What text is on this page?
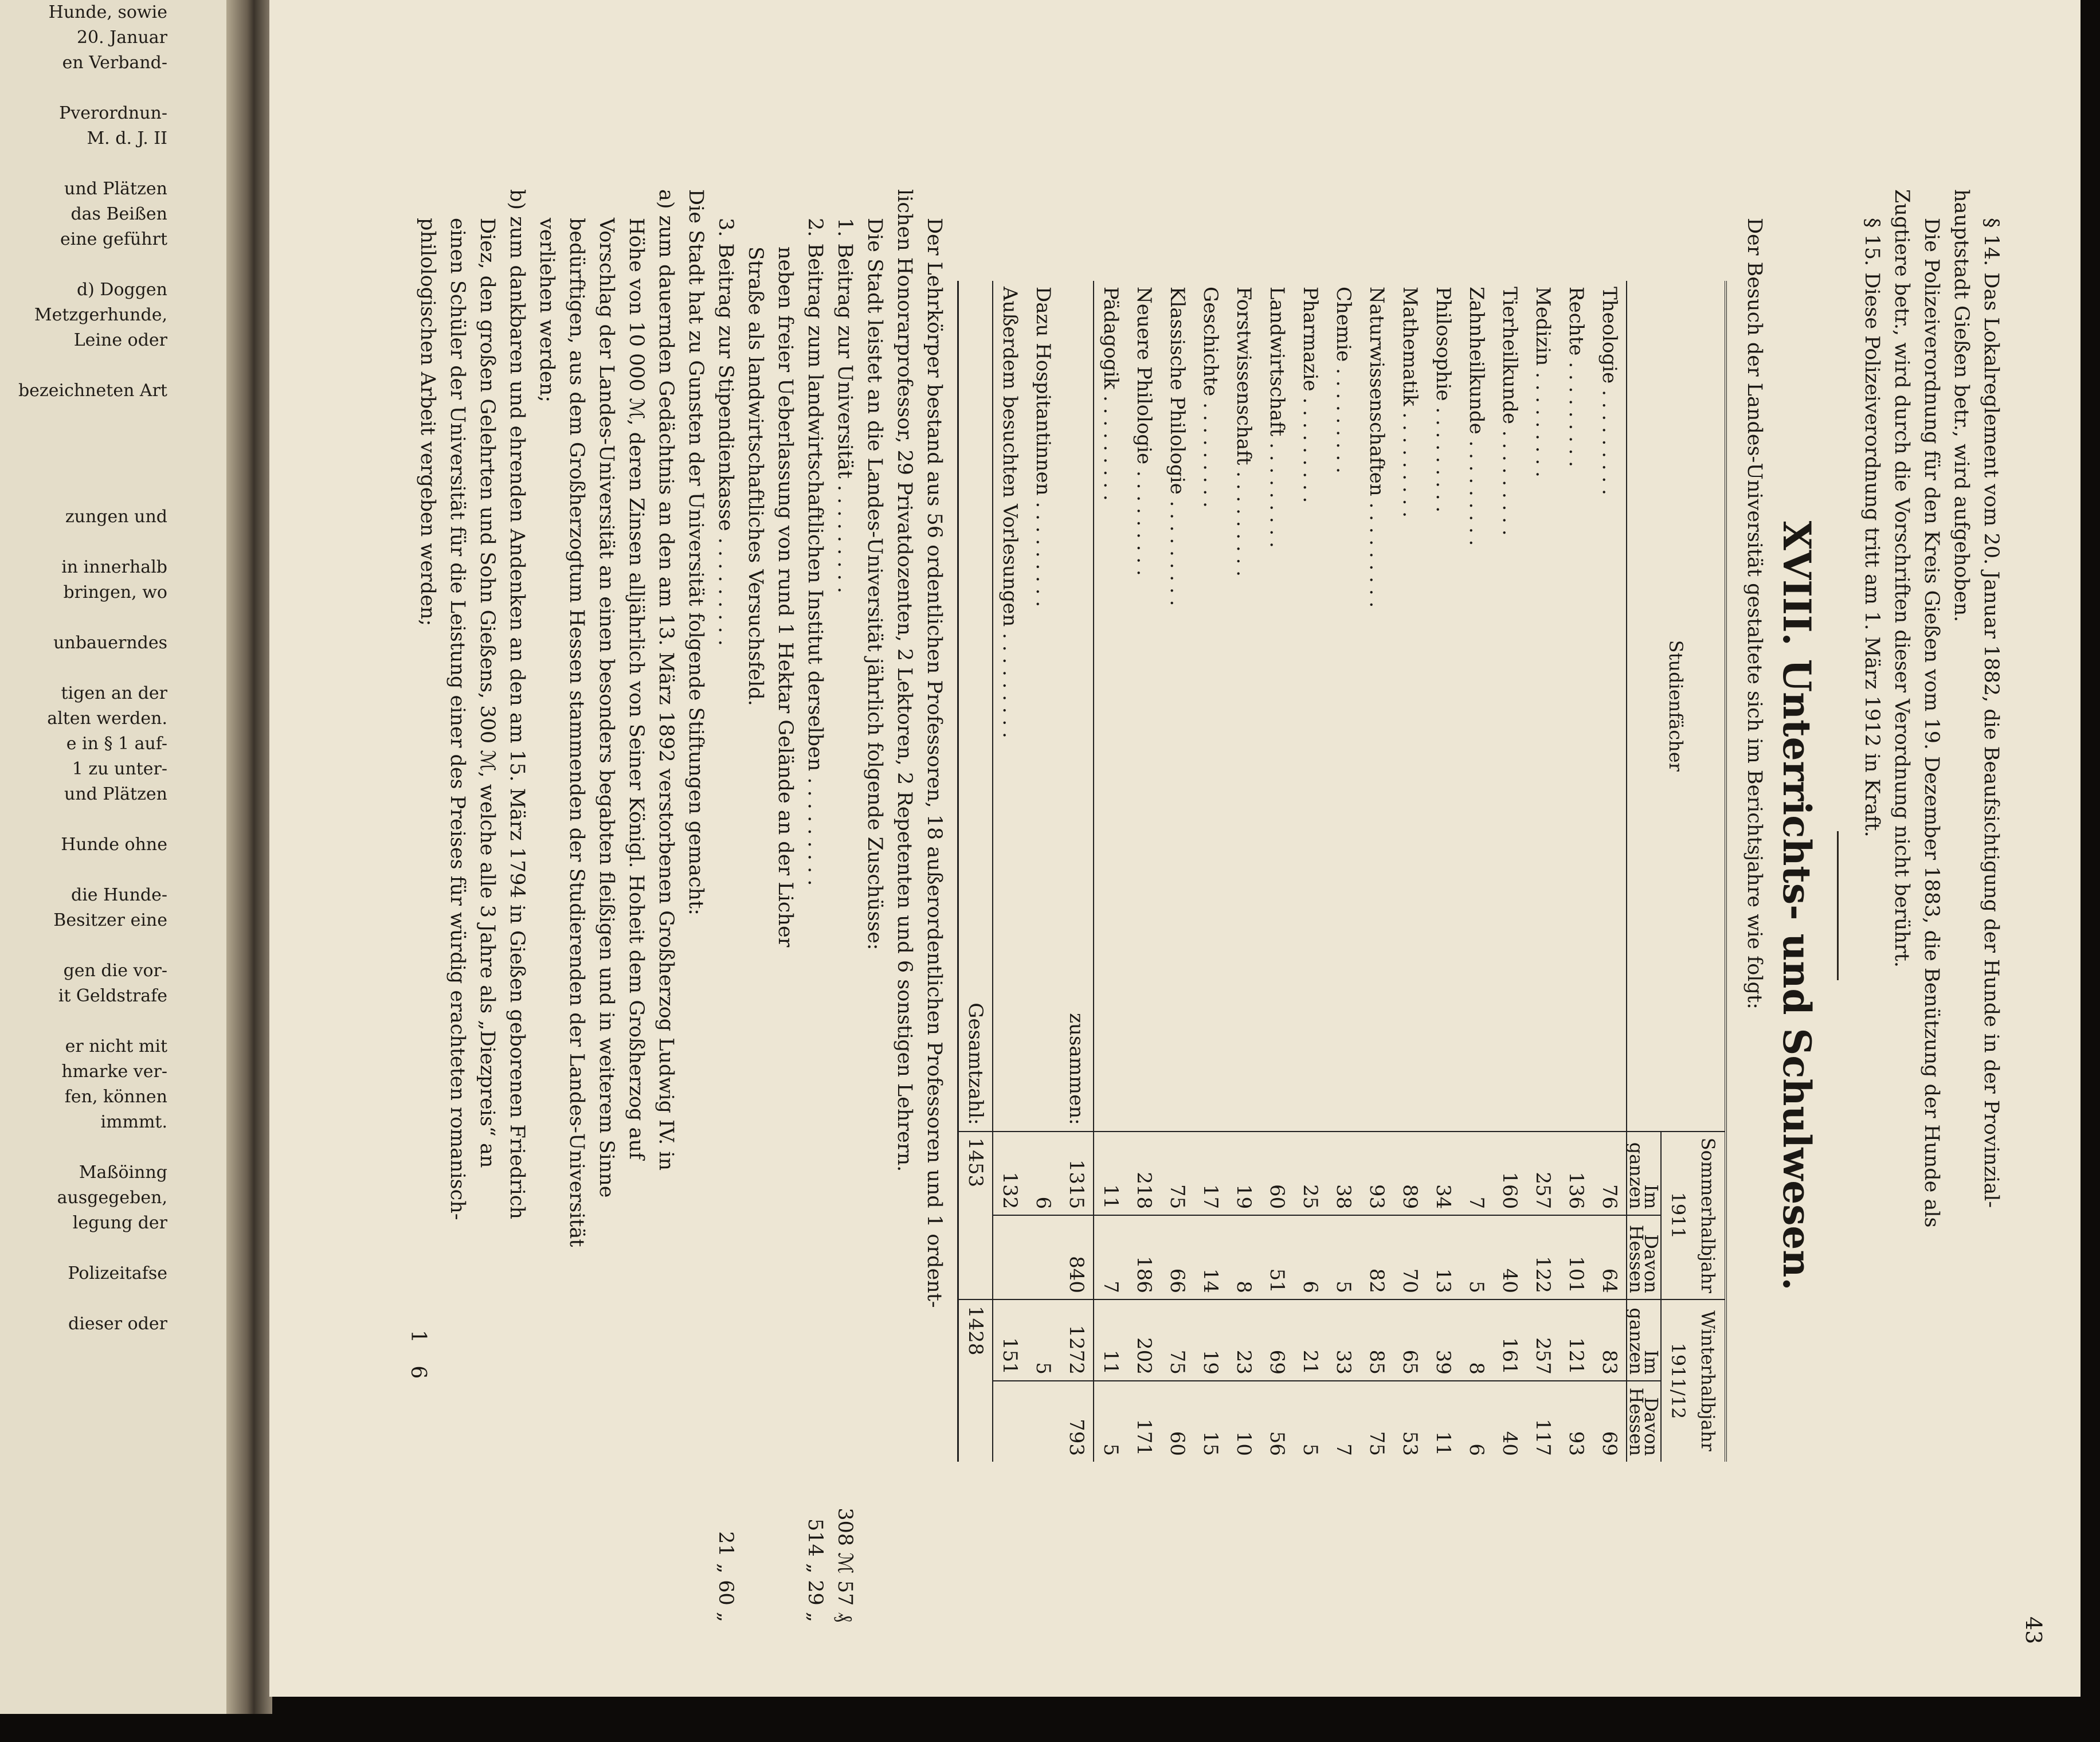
Hunde, sowie
20. Januar
en Verband-
Pverordnun-
M. d. J. II
und Plätzen
das Beißen
eine geführt
d) Doggen
Metzgerhunde,
Leine oder
bezeichneten Art
zungen und
in innerhalb
bringen, wo
unbauerndes
tigen an der
alten werden.
e in § 1 auf-
1 zu unter-
und Plätzen
Hunde ohne
die Hunde-
Besitzer eine
gen die vor-
it Geldstrafe
er nicht mit
hmarke ver-
fen, können
immmt.
Maßöinng
ausgegeben,
legung der
Polizeitafse
dieser oder
43

§ 14. Das Lokalreglement vom 20. Januar 1882, die Beaufsichtigung der Hunde in der Provinzial-

hauptstadt Gießen betr., wird aufgehoben.

Die Polizeiverordnung für den Kreis Gießen vom 19. Dezember 1883, die Benützung der Hunde als

Zugtiere betr., wird durch die Vorschriften dieser Verordnung nicht berührt.

§ 15. Diese Polizeiverordnung tritt am 1. März 1912 in Kraft.

XVIII. Unterrichts- und Schulwesen.

Der Besuch der Landes-Universität gestaltete sich im Berichtsjahre wie folgt:

Studienfächer	Sommerhalbjahr 1911		Winterhalbjahr 1911/12	
	Im ganzen	Davon Hessen	Im ganzen	Davon Hessen
Theologie . . .	76	64	83	69
Rechte . . .	136	101	121	93
Medizin . . .	257	122	257	117
Tierheilkunde . . .	160	40	161	40
Zahnheilkunde . . .	7	5	8	6
Philosophie . . .	34	13	39	11
Mathematik . . .	89	70	65	53
Naturwissenschaften . . .	93	82	85	75
Chemie . . .	38	5	33	7
Pharmazie . . .	25	6	21	5
Landwirtschaft . . .	60	51	69	56
Forstwissenschaft . . .	19	8	23	10
Geschichte . . .	17	14	19	15
Klassische Philologie . . .	75	66	75	60
Neuere Philologie . . .	218	186	202	171
Pädagogik . . .	11	7	11	5
zusammen:	1315	840	1272	793
Dazu Hospitantinnen . . .	6		5	
Außerdem besuchten Vorlesungen . . .	132		151	
Gesamtzahl:	1453		1428	

Der Lehrkörper bestand aus 56 ordentlichen Professoren, 18 außerordentlichen Professoren und 1 ordent-

lichen Honorarprofessor, 29 Privatdozenten, 2 Lektoren, 2 Repetenten und 6 sonstigen Lehrern.

Die Stadt leistet an die Landes-Universität jährlich folgende Zuschüsse:

1. Beitrag zur Universität . . .
308 ℳ 57 ₰
2. Beitrag zum landwirtschaftlichen Institut derselben . . .
514 „ 29 „
neben freier Ueberlassung von rund 1 Hektar Gelände an der Licher
Straße als landwirtschaftliches Versuchsfeld.
3. Beitrag zur Stipendienkasse . . .
21 „ 60 „
Die Stadt hat zu Gunsten der Universität folgende Stiftungen gemacht:
a) zum dauernden Gedächtnis an den am 13. März 1892 verstorbenen Großherzog Ludwig IV. in
Höhe von 10 000 ℳ, deren Zinsen alljährlich von Seiner Königl. Hoheit dem Großherzog auf
Vorschlag der Landes-Universität an einen besonders begabten fleißigen und in weiterem Sinne
bedürftigen, aus dem Großherzogtum Hessen stammenden der Studierenden der Landes-Universität
verliehen werden;
b) zum dankbaren und ehrenden Andenken an den am 15. März 1794 in Gießen geborenen Friedrich
Diez, den großen Gelehrten und Sohn Gießens, 300 ℳ, welche alle 3 Jahre als „Diezpreis“ an
einen Schüler der Universität für die Leistung einer des Preises für würdig erachteten romanisch-
philologischen Arbeit vergeben werden;
1 6
